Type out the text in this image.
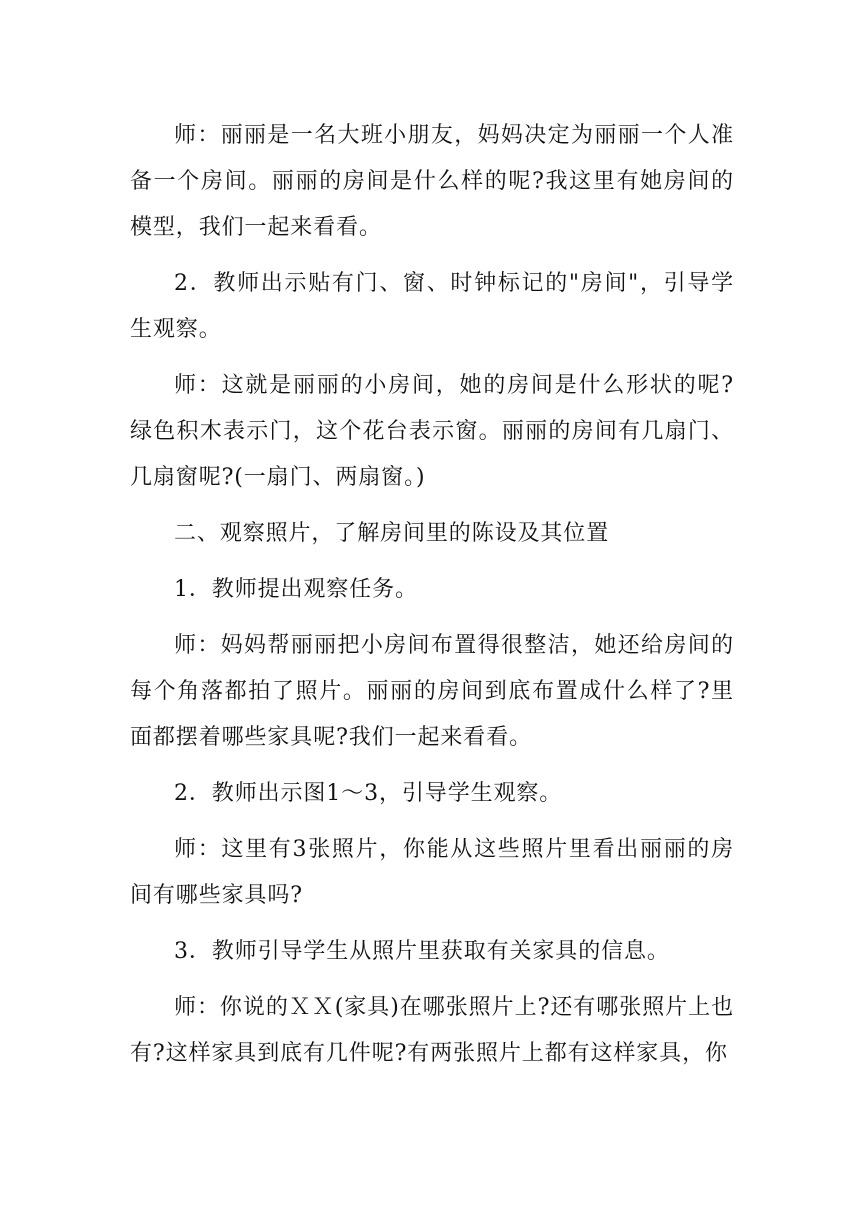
师：丽丽是一名大班小朋友，妈妈决定为丽丽一个人准备一个房间。丽丽的房间是什么样的呢?我这里有她房间的模型，我们一起来看看。

2．教师出示贴有门、窗、时钟标记的"房间"，引导学生观察。

师：这就是丽丽的小房间，她的房间是什么形状的呢?绿色积木表示门，这个花台表示窗。丽丽的房间有几扇门、几扇窗呢?(一扇门、两扇窗。)

二、观察照片，了解房间里的陈设及其位置

1．教师提出观察任务。

师：妈妈帮丽丽把小房间布置得很整洁，她还给房间的每个角落都拍了照片。丽丽的房间到底布置成什么样了?里面都摆着哪些家具呢?我们一起来看看。

2．教师出示图1～3，引导学生观察。

师：这里有3张照片，你能从这些照片里看出丽丽的房间有哪些家具吗?

3．教师引导学生从照片里获取有关家具的信息。

师：你说的ＸＸ(家具)在哪张照片上?还有哪张照片上也有?这样家具到底有几件呢?有两张照片上都有这样家具，你
